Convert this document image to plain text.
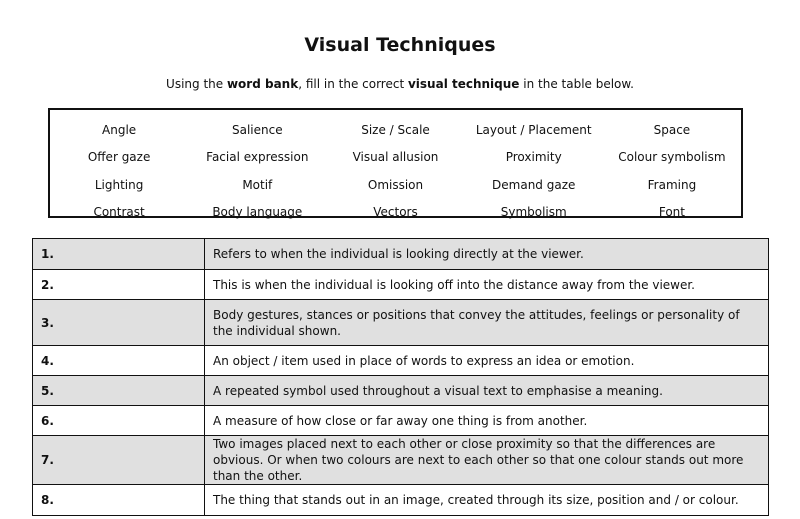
Visual Techniques
Using the word bank, fill in the correct visual technique in the table below.
Angle	Salience	Size / Scale	Layout / Placement	Space
Offer gaze	Facial expression	Visual allusion	Proximity	Colour symbolism
Lighting	Motif	Omission	Demand gaze	Framing
Contrast	Body language	Vectors	Symbolism	Font
1.	Refers to when the individual is looking directly at the viewer.
2.	This is when the individual is looking off into the distance away from the viewer.
3.	Body gestures, stances or positions that convey the attitudes, feelings or personality of the individual shown.
4.	An object / item used in place of words to express an idea or emotion.
5.	A repeated symbol used throughout a visual text to emphasise a meaning.
6.	A measure of how close or far away one thing is from another.
7.	Two images placed next to each other or close proximity so that the differences are obvious. Or when two colours are next to each other so that one colour stands out more than the other.
8.	The thing that stands out in an image, created through its size, position and / or colour.
